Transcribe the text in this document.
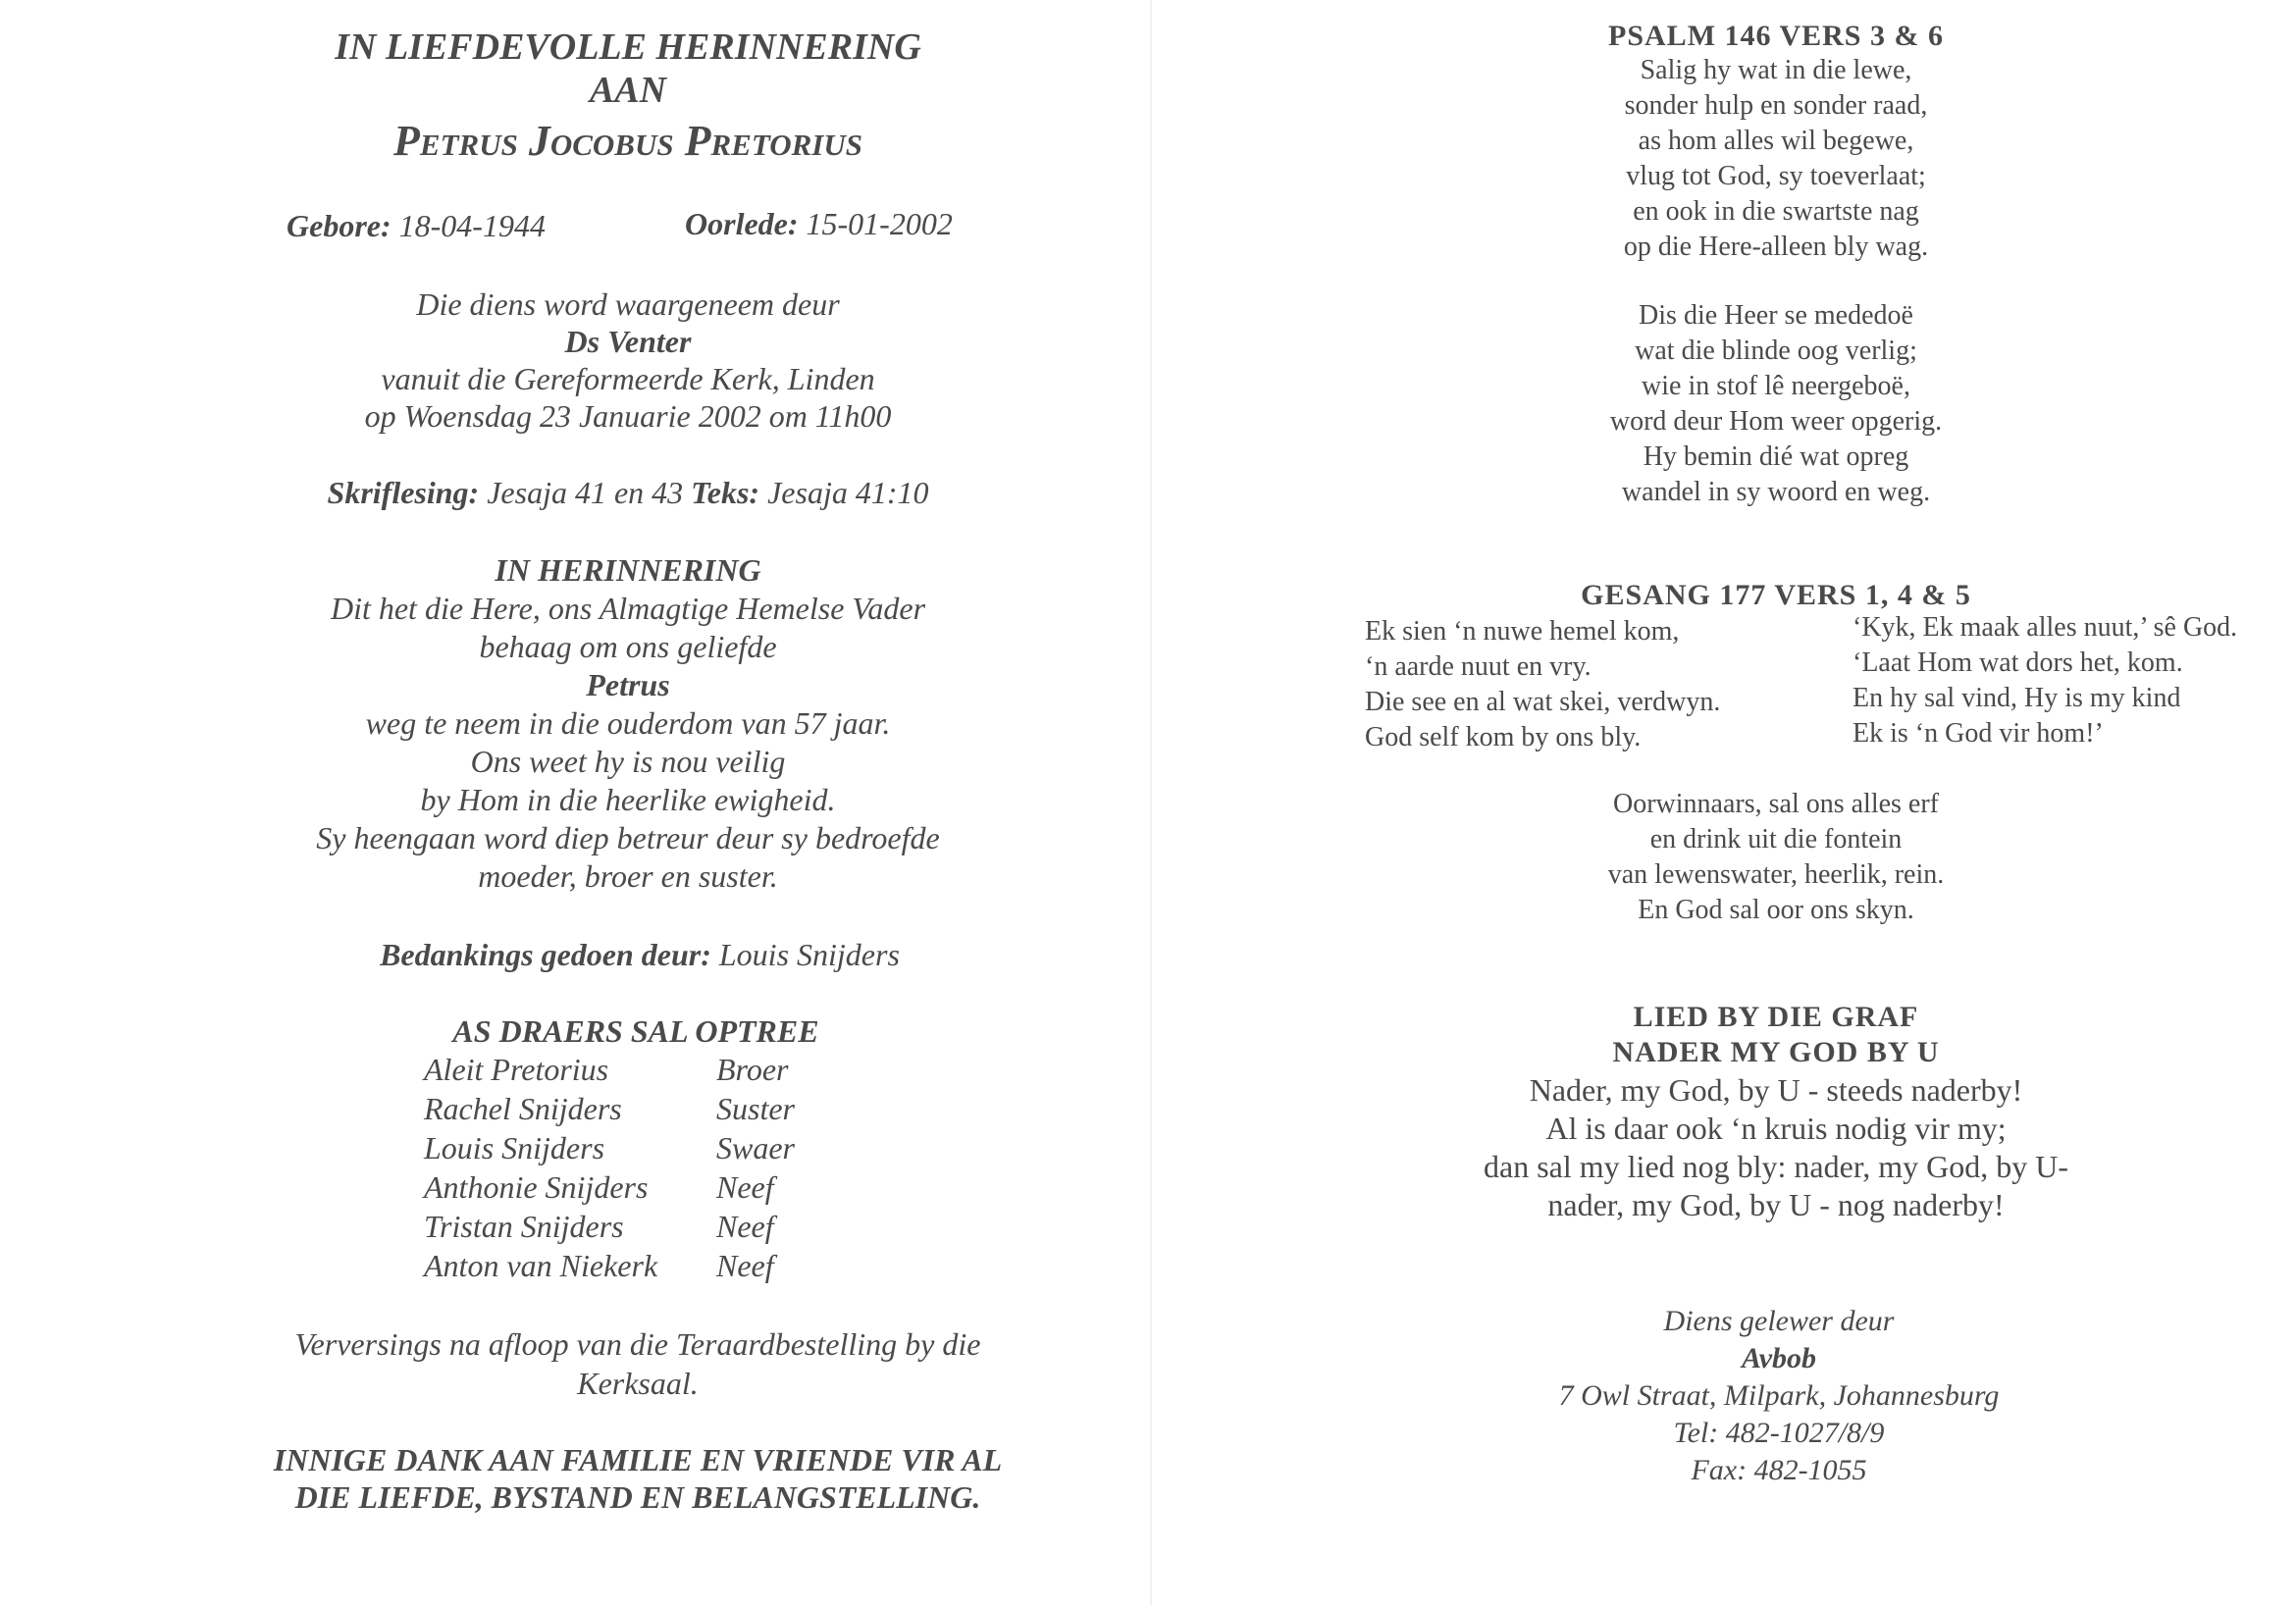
IN LIEFDEVOLLE HERINNERING
AAN
Petrus Jocobus Pretorius
Gebore: 18-04-1944	Oorlede: 15-01-2002
Die diens word waargeneem deur
Ds Venter
vanuit die Gereformeerde Kerk, Linden
op Woensdag 23 Januarie 2002 om 11h00
Skriflesing: Jesaja 41 en 43 Teks: Jesaja 41:10
IN HERINNERING
Dit het die Here, ons Almagtige Hemelse Vader
behaag om ons geliefde
Petrus
weg te neem in die ouderdom van 57 jaar.
Ons weet hy is nou veilig
by Hom in die heerlike ewigheid.
Sy heengaan word diep betreur deur sy bedroefde
moeder, broer en suster.
Bedankings gedoen deur: Louis Snijders
AS DRAERS SAL OPTREE
Aleit Pretorius	Broer
Rachel Snijders	Suster
Louis Snijders	Swaer
Anthonie Snijders Neef
Tristan Snijders	Neef
Anton van Niekerk Neef
Verversings na afloop van die Teraardbestelling by die
Kerksaal.
INNIGE DANK AAN FAMILIE EN VRIENDE VIR AL
DIE LIEFDE, BYSTAND EN BELANGSTELLING.
PSALM 146 VERS 3 & 6
Salig hy wat in die lewe,
sonder hulp en sonder raad,
as hom alles wil begewe,
vlug tot God, sy toeverlaat;
en ook in die swartste nag
op die Here-alleen bly wag.
Dis die Heer se mededoë
wat die blinde oog verlig;
wie in stof lê neergeboë,
word deur Hom weer opgerig.
Hy bemin dié wat opreg
wandel in sy woord en weg.
GESANG 177 VERS 1, 4 & 5
Ek sien ‘n nuwe hemel kom,
‘n aarde nuut en vry.
Die see en al wat skei, verdwyn.
God self kom by ons bly.
‘Kyk, Ek maak alles nuut,’ sê God.
‘Laat Hom wat dors het, kom.
En hy sal vind, Hy is my kind
Ek is ‘n God vir hom!’
Oorwinnaars, sal ons alles erf
en drink uit die fontein
van lewenswater, heerlik, rein.
En God sal oor ons skyn.
LIED BY DIE GRAF
NADER MY GOD BY U
Nader, my God, by U - steeds naderby!
Al is daar ook ‘n kruis nodig vir my;
dan sal my lied nog bly: nader, my God, by U-
nader, my God, by U - nog naderby!
Diens gelewer deur
Avbob
7 Owl Straat, Milpark, Johannesburg
Tel: 482-1027/8/9
Fax: 482-1055
